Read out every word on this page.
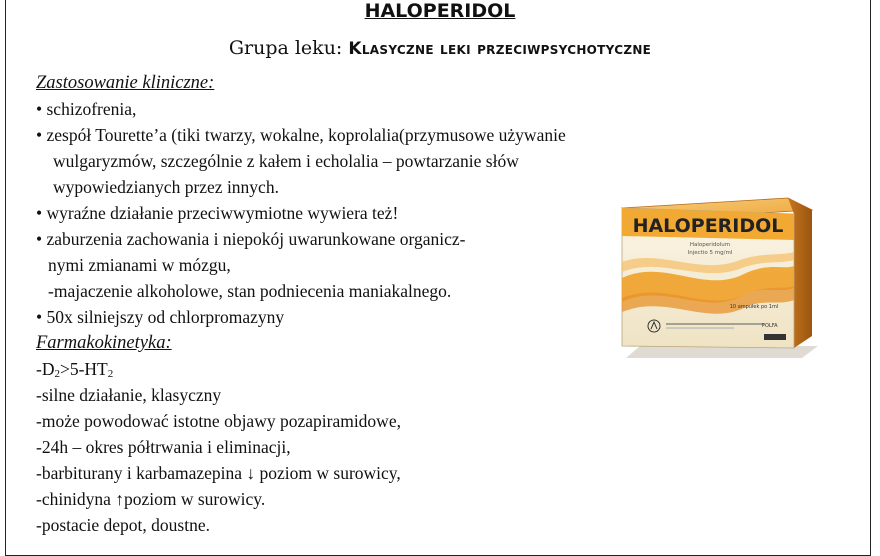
HALOPERIDOL
Grupa leku: Klasyczne leki przeciwpsychotyczne
Zastosowanie kliniczne:
• schizofrenia,
• zespół Tourette’a (tiki twarzy, wokalne, koprolalia(przymusowe używanie
wulgaryzmów, szczególnie z kałem i echolalia – powtarzanie słów
wypowiedzianych przez innych.
• wyraźne działanie przeciwwymiotne wywiera też!
• zaburzenia zachowania i niepokój uwarunkowane organicz-
nymi zmianami w mózgu,
-majaczenie alkoholowe, stan podniecenia maniakalnego.
• 50x silniejszy od chlorpromazyny
Farmakokinetyka:
$-D_2>5-HT_2$
-silne działanie, klasyczny
-może powodować istotne objawy pozapiramidowe,
-24h – okres półtrwania i eliminacji,
-barbiturany i karbamazepina ↓ poziom w surowicy,
-chinidyna ↑poziom w surowicy.
-postacie depot, doustne.
HALOPERIDOL
Haloperidolum
Injectio 5 mg/ml
10 ampułek po 1ml
POLFA
